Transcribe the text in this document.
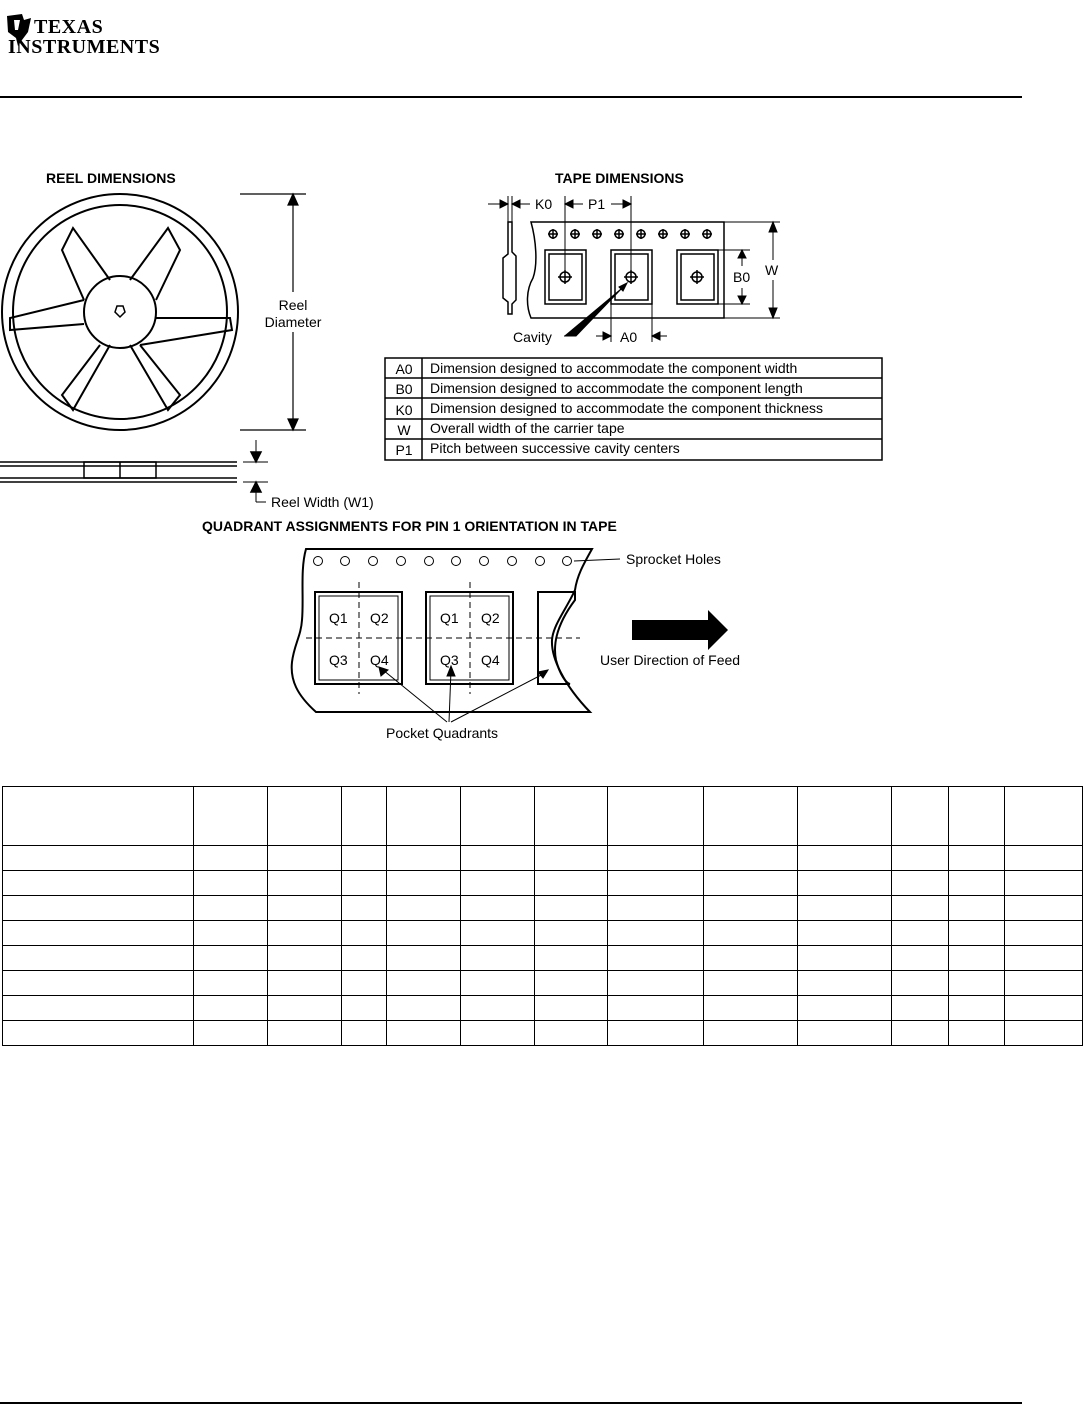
TEXAS
INSTRUMENTS
REEL DIMENSIONS
Reel
Diameter
Reel Width (W1)
TAPE DIMENSIONS
K0	P1
B0 W
A0
Cavity
A0 Dimension designed to accommodate the component width
B0 Dimension designed to accommodate the component length
K0 Dimension designed to accommodate the component thickness
W Overall width of the carrier tape
P1 Pitch between successive cavity centers
QUADRANT ASSIGNMENTS FOR PIN 1 ORIENTATION IN TAPE
Q1 Q2
Q3 Q4
Q1 Q2
Q3 Q4
Sprocket Holes
User Direction of Feed
Pocket Quadrants
